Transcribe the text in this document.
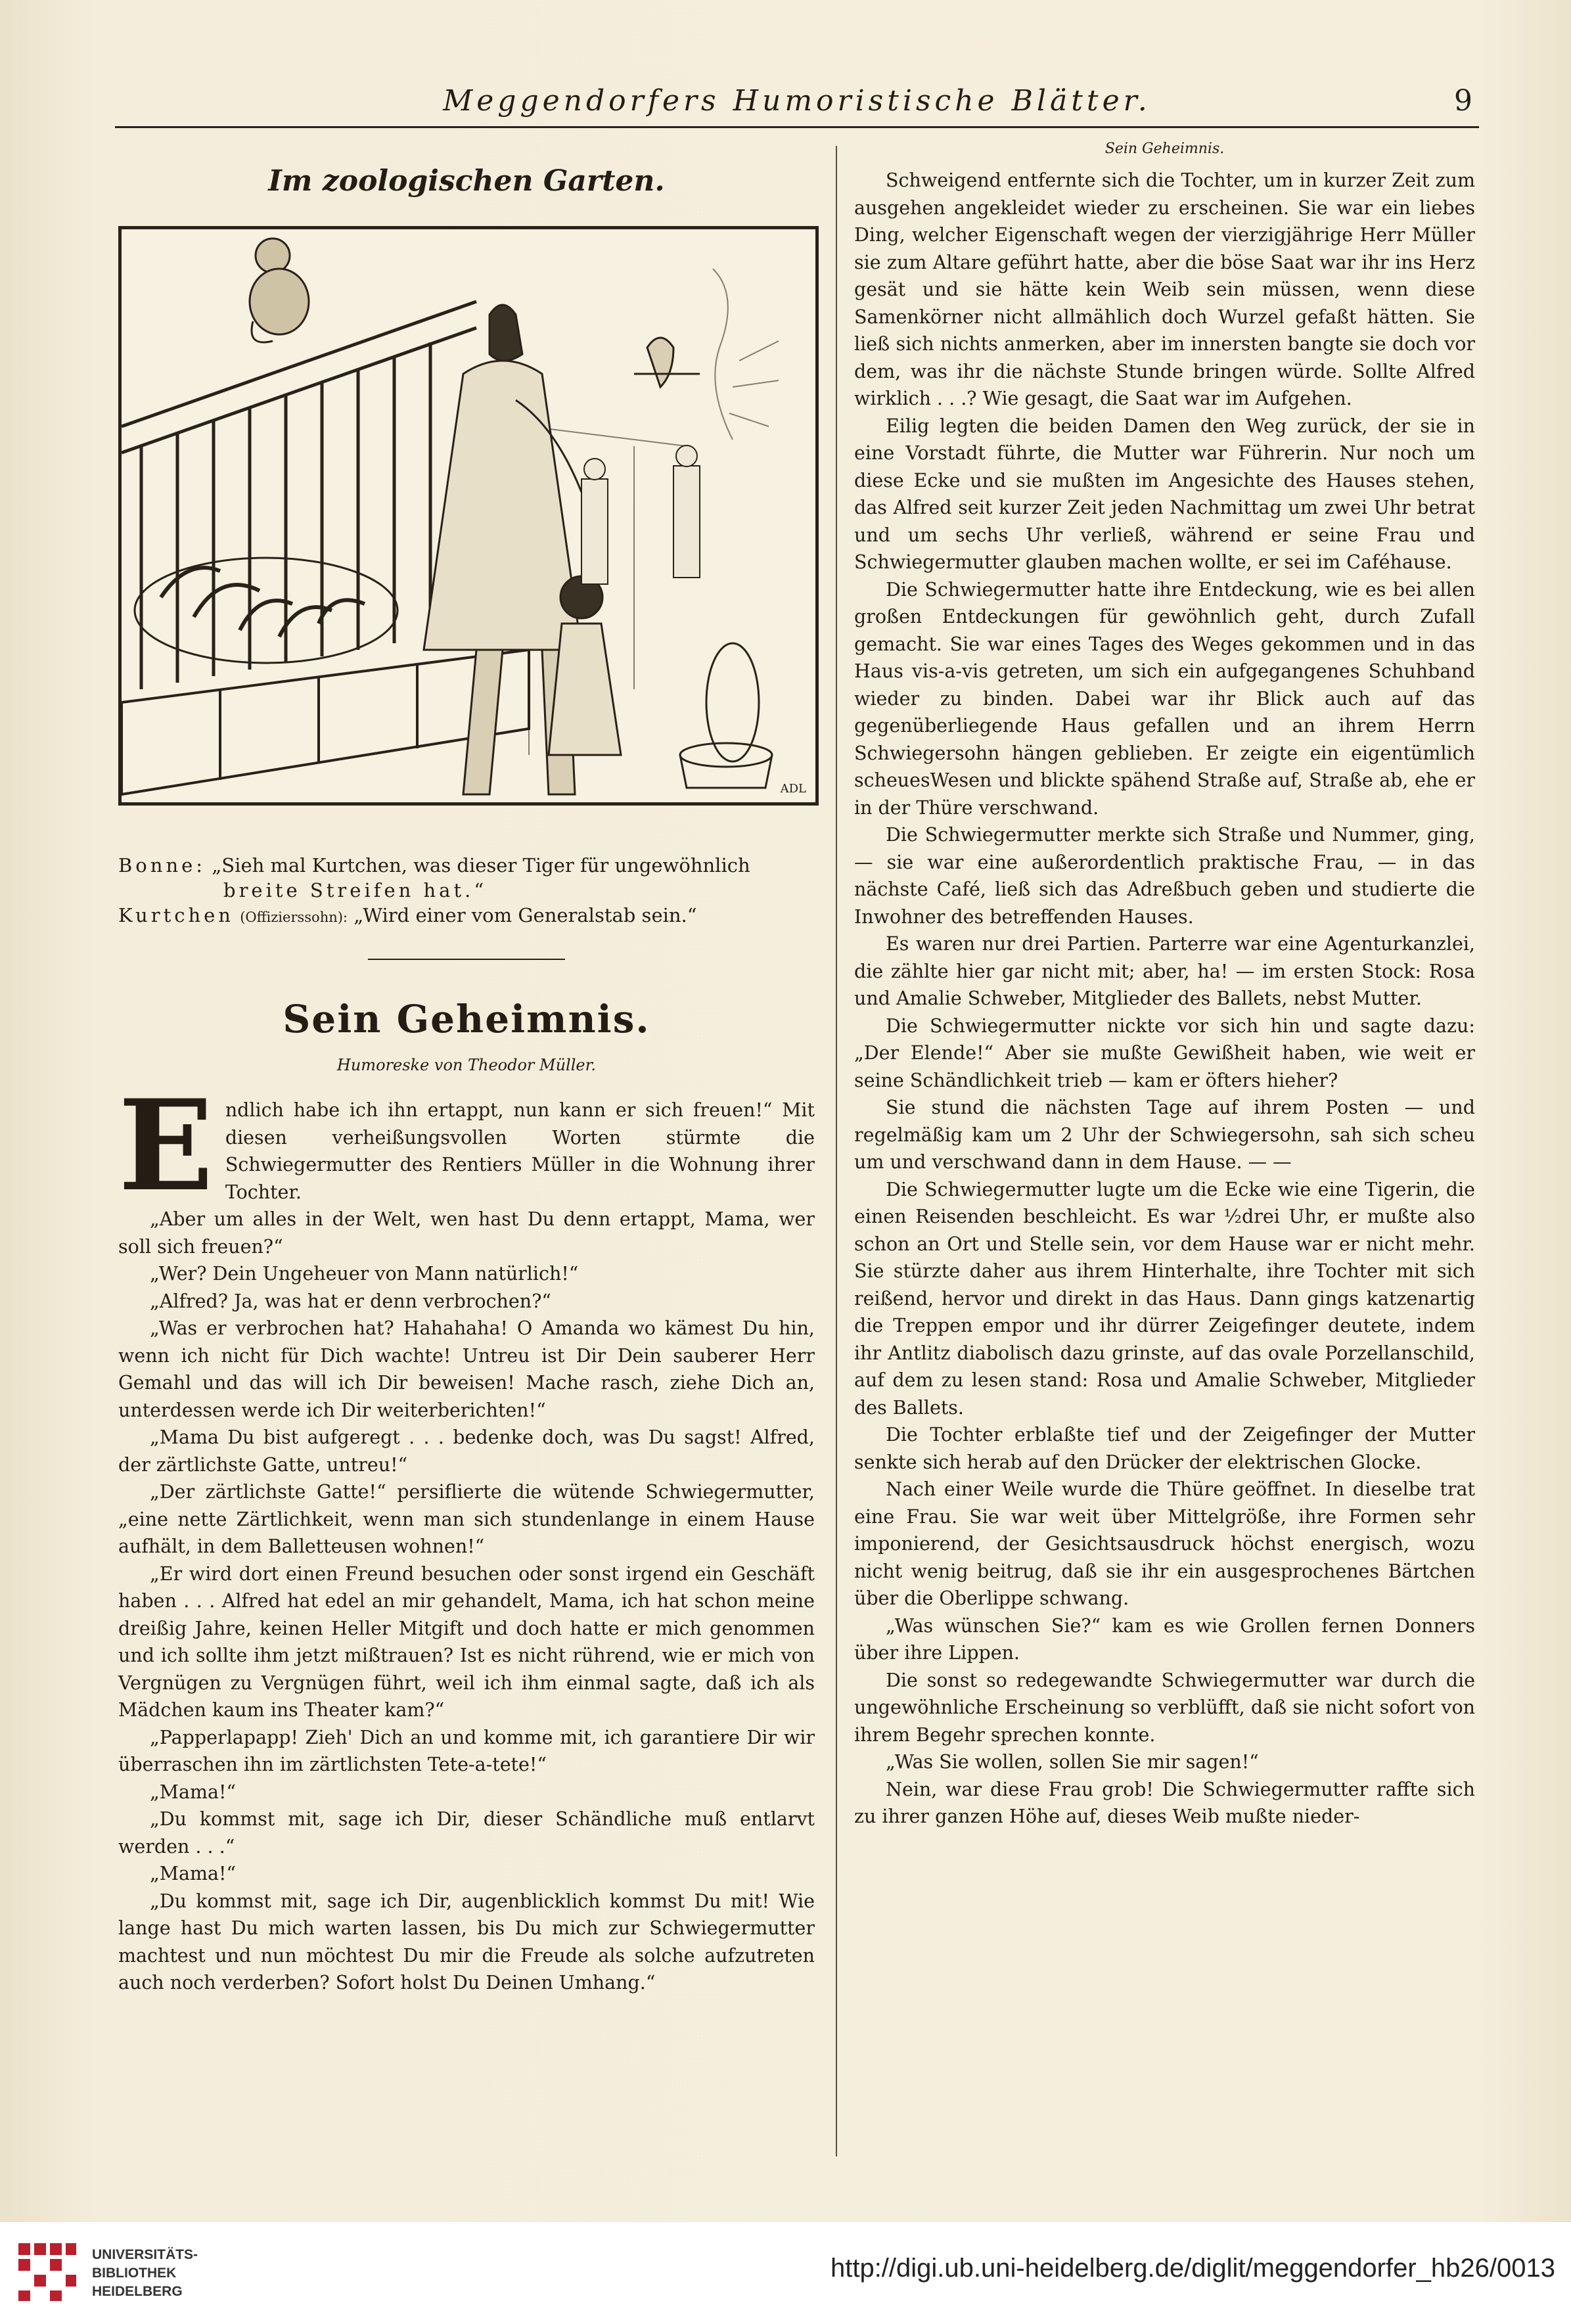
Meggendorfers Humoristische Blätter.	9
Im zoologischen Garten.
ADL
Bonne: „Sieh mal Kurtchen, was dieser Tiger für ungewöhnlich
breite Streifen hat.“
Kurtchen (Offizierssohn): „Wird einer vom Generalstab sein.“
Sein Geheimnis.
Humoreske von Theodor Müller.
E ndlich habe ich ihn ertappt, nun kann er sich freuen!“ Mit diesen verheißungsvollen Worten stürmte die Schwiegermutter des Rentiers Müller in die Wohnung ihrer Tochter.

„Aber um alles in der Welt, wen hast Du denn ertappt, Mama, wer soll sich freuen?“

„Wer? Dein Ungeheuer von Mann natürlich!“

„Alfred? Ja, was hat er denn verbrochen?“

„Was er verbrochen hat? Hahahaha! O Amanda wo kämest Du hin, wenn ich nicht für Dich wachte! Untreu ist Dir Dein sauberer Herr Gemahl und das will ich Dir beweisen! Mache rasch, ziehe Dich an, unterdessen werde ich Dir weiterberichten!“

„Mama Du bist aufgeregt . . . bedenke doch, was Du sagst! Alfred, der zärtlichste Gatte, untreu!“

„Der zärtlichste Gatte!“ persiflierte die wütende Schwiegermutter, „eine nette Zärtlichkeit, wenn man sich stundenlange in einem Hause aufhält, in dem Balletteusen wohnen!“

„Er wird dort einen Freund besuchen oder sonst irgend ein Geschäft haben . . . Alfred hat edel an mir gehandelt, Mama, ich hat schon meine dreißig Jahre, keinen Heller Mitgift und doch hatte er mich genommen und ich sollte ihm jetzt mißtrauen? Ist es nicht rührend, wie er mich von Vergnügen zu Vergnügen führt, weil ich ihm einmal sagte, daß ich als Mädchen kaum ins Theater kam?“

„Papperlapapp! Zieh' Dich an und komme mit, ich garantiere Dir wir überraschen ihn im zärtlichsten Tete-a-tete!“

„Mama!“

„Du kommst mit, sage ich Dir, dieser Schändliche muß entlarvt werden . . .“

„Mama!“

„Du kommst mit, sage ich Dir, augenblicklich kommst Du mit! Wie lange hast Du mich warten lassen, bis Du mich zur Schwiegermutter machtest und nun möchtest Du mir die Freude als solche aufzutreten auch noch verderben? Sofort holst Du Deinen Umhang.“

Sein Geheimnis.

Schweigend entfernte sich die Tochter, um in kurzer Zeit zum ausgehen angekleidet wieder zu erscheinen. Sie war ein liebes Ding, welcher Eigenschaft wegen der vierzigjährige Herr Müller sie zum Altare geführt hatte, aber die böse Saat war ihr ins Herz gesät und sie hätte kein Weib sein müssen, wenn diese Samenkörner nicht allmählich doch Wurzel gefaßt hätten. Sie ließ sich nichts anmerken, aber im innersten bangte sie doch vor dem, was ihr die nächste Stunde bringen würde. Sollte Alfred wirklich . . .? Wie gesagt, die Saat war im Aufgehen.

Eilig legten die beiden Damen den Weg zurück, der sie in eine Vorstadt führte, die Mutter war Führerin. Nur noch um diese Ecke und sie mußten im Angesichte des Hauses stehen, das Alfred seit kurzer Zeit jeden Nachmittag um zwei Uhr betrat und um sechs Uhr verließ, während er seine Frau und Schwiegermutter glauben machen wollte, er sei im Caféhause.

Die Schwiegermutter hatte ihre Entdeckung, wie es bei allen großen Entdeckungen für gewöhnlich geht, durch Zufall gemacht. Sie war eines Tages des Weges gekommen und in das Haus vis-a-vis getreten, um sich ein aufgegangenes Schuhband wieder zu binden. Dabei war ihr Blick auch auf das gegenüberliegende Haus gefallen und an ihrem Herrn Schwiegersohn hängen geblieben. Er zeigte ein eigentümlich scheuesWesen und blickte spähend Straße auf, Straße ab, ehe er in der Thüre verschwand.

Die Schwiegermutter merkte sich Straße und Nummer, ging, — sie war eine außerordentlich praktische Frau, — in das nächste Café, ließ sich das Adreßbuch geben und studierte die Inwohner des betreffenden Hauses.

Es waren nur drei Partien. Parterre war eine Agenturkanzlei, die zählte hier gar nicht mit; aber, ha! — im ersten Stock: Rosa und Amalie Schweber, Mitglieder des Ballets, nebst Mutter.

Die Schwiegermutter nickte vor sich hin und sagte dazu: „Der Elende!“ Aber sie mußte Gewißheit haben, wie weit er seine Schändlichkeit trieb — kam er öfters hieher?

Sie stund die nächsten Tage auf ihrem Posten — und regelmäßig kam um 2 Uhr der Schwiegersohn, sah sich scheu um und verschwand dann in dem Hause. — —

Die Schwiegermutter lugte um die Ecke wie eine Tigerin, die einen Reisenden beschleicht. Es war ½drei Uhr, er mußte also schon an Ort und Stelle sein, vor dem Hause war er nicht mehr. Sie stürzte daher aus ihrem Hinterhalte, ihre Tochter mit sich reißend, hervor und direkt in das Haus. Dann gings katzenartig die Treppen empor und ihr dürrer Zeigefinger deutete, indem ihr Antlitz diabolisch dazu grinste, auf das ovale Porzellanschild, auf dem zu lesen stand: Rosa und Amalie Schweber, Mitglieder des Ballets.

Die Tochter erblaßte tief und der Zeigefinger der Mutter senkte sich herab auf den Drücker der elektrischen Glocke.

Nach einer Weile wurde die Thüre geöffnet. In dieselbe trat eine Frau. Sie war weit über Mittelgröße, ihre Formen sehr imponierend, der Gesichtsausdruck höchst energisch, wozu nicht wenig beitrug, daß sie ihr ein ausgesprochenes Bärtchen über die Oberlippe schwang.

„Was wünschen Sie?“ kam es wie Grollen fernen Donners über ihre Lippen.

Die sonst so redegewandte Schwiegermutter war durch die ungewöhnliche Erscheinung so verblüfft, daß sie nicht sofort von ihrem Begehr sprechen konnte.

„Was Sie wollen, sollen Sie mir sagen!“

Nein, war diese Frau grob! Die Schwiegermutter raffte sich zu ihrer ganzen Höhe auf, dieses Weib mußte nieder-

UNIVERSITÄTS-
BIBLIOTHEK
HEIDELBERG
http://digi.ub.uni-heidelberg.de/diglit/meggendorfer_hb26/0013
